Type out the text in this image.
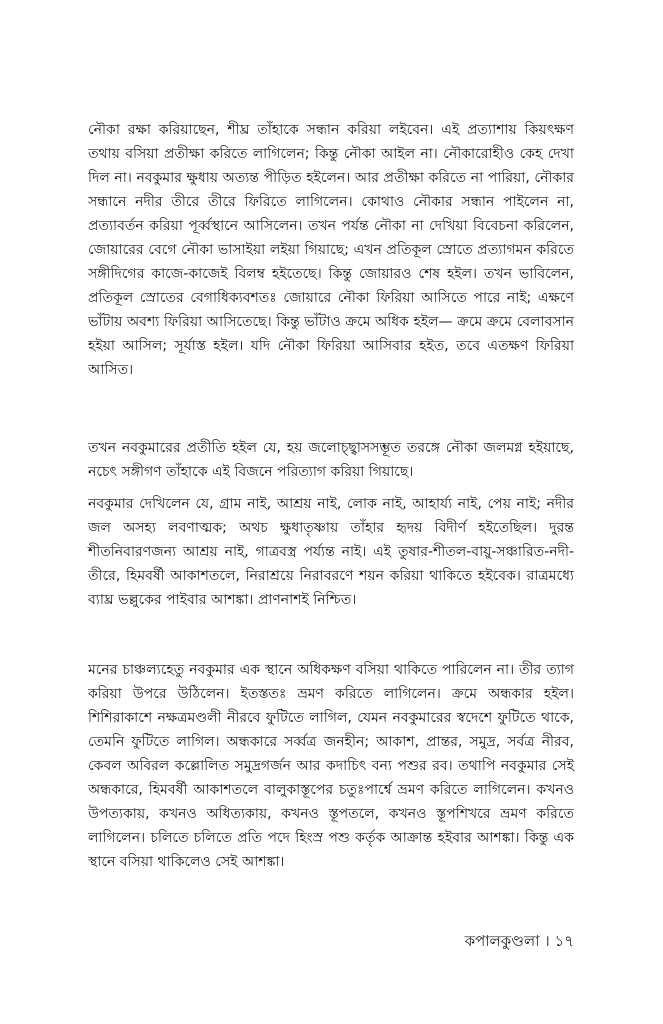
নৌকা রক্ষা করিয়াছেন, শীঘ্র তাঁহাকে সন্ধান করিয়া লইবেন। এই প্রত্যাশায় কিয়ৎক্ষণ তথায় বসিয়া প্রতীক্ষা করিতে লাগিলেন; কিন্তু নৌকা আইল না। নৌকারোহীও কেহ দেখা দিল না। নবকুমার ক্ষুধায় অত্যন্ত পীড়িত হইলেন। আর প্রতীক্ষা করিতে না পারিয়া, নৌকার সন্ধানে নদীর তীরে তীরে ফিরিতে লাগিলেন। কোথাও নৌকার সন্ধান পাইলেন না, প্রত্যাবর্তন করিয়া পূর্ব্বস্থানে আসিলেন। তখন পর্যন্ত নৌকা না দেখিয়া বিবেচনা করিলেন, জোয়ারের বেগে নৌকা ভাসাইয়া লইয়া গিয়াছে; এখন প্রতিকূল স্রোতে প্রত্যাগমন করিতে সঙ্গীদিগের কাজে-কাজেই বিলম্ব হইতেছে। কিন্তু জোয়ারও শেষ হইল। তখন ভাবিলেন, প্রতিকূল স্রোতের বেগাধিক্যবশতঃ জোয়ারে নৌকা ফিরিয়া আসিতে পারে নাই; এক্ষণে ভাঁটায় অবশ্য ফিরিয়া আসিতেছে। কিন্তু ভাঁটাও ক্রমে অধিক হইল— ক্রমে ক্রমে বেলাবসান হইয়া আসিল; সূর্যাস্ত হইল। যদি নৌকা ফিরিয়া আসিবার হইত, তবে এতক্ষণ ফিরিয়া আসিত।

তখন নবকুমারের প্রতীতি হইল যে, হয় জলোচ্ছ্বাসসম্ভূত তরঙ্গে নৌকা জলমগ্ন হইয়াছে, নচেৎ সঙ্গীগণ তাঁহাকে এই বিজনে পরিত্যাগ করিয়া গিয়াছে।

নবকুমার দেখিলেন যে, গ্রাম নাই, আশ্রয় নাই, লোক নাই, আহার্য্য নাই, পেয় নাই; নদীর জল অসহ্য লবণাত্মক; অথচ ক্ষুধাতৃষ্ণায় তাঁহার হৃদয় বিদীর্ণ হইতেছিল। দুরন্ত শীতনিবারণজন্য আশ্রয় নাই, গাত্রবস্ত্র পর্য্যন্ত নাই। এই তুষার-শীতল-বায়ু-সঞ্চারিত-নদী-তীরে, হিমবর্ষী আকাশতলে, নিরাশ্রয়ে নিরাবরণে শয়ন করিয়া থাকিতে হইবেক। রাত্রমধ্যে ব্যাঘ্র ভল্লুকের পাইবার আশঙ্কা। প্রাণনাশই নিশ্চিত।

মনের চাঞ্চল্যহেতু নবকুমার এক স্থানে অধিকক্ষণ বসিয়া থাকিতে পারিলেন না। তীর ত্যাগ করিয়া উপরে উঠিলেন। ইতস্ততঃ ভ্রমণ করিতে লাগিলেন। ক্রমে অন্ধকার হইল। শিশিরাকাশে নক্ষত্রমণ্ডলী নীরবে ফুটিতে লাগিল, যেমন নবকুমারের স্বদেশে ফুটিতে থাকে, তেমনি ফুটিতে লাগিল। অন্ধকারে সর্ব্বত্র জনহীন; আকাশ, প্রান্তর, সমুদ্র, সর্বত্র নীরব, কেবল অবিরল কল্লোলিত সমুদ্রগর্জন আর কদাচিৎ বন্য পশুর রব। তথাপি নবকুমার সেই অন্ধকারে, হিমবর্ষী আকাশতলে বালুকাস্তূপের চতুঃপার্শ্বে ভ্রমণ করিতে লাগিলেন। কখনও উপত্যকায়, কখনও অধিত্যকায়, কখনও স্তূপতলে, কখনও স্তূপশিখরে ভ্রমণ করিতে লাগিলেন। চলিতে চলিতে প্রতি পদে হিংস্র পশু কর্তৃক আক্রান্ত হইবার আশঙ্কা। কিন্তু এক স্থানে বসিয়া থাকিলেও সেই আশঙ্কা।

কপালকুণ্ডলা । ১৭
